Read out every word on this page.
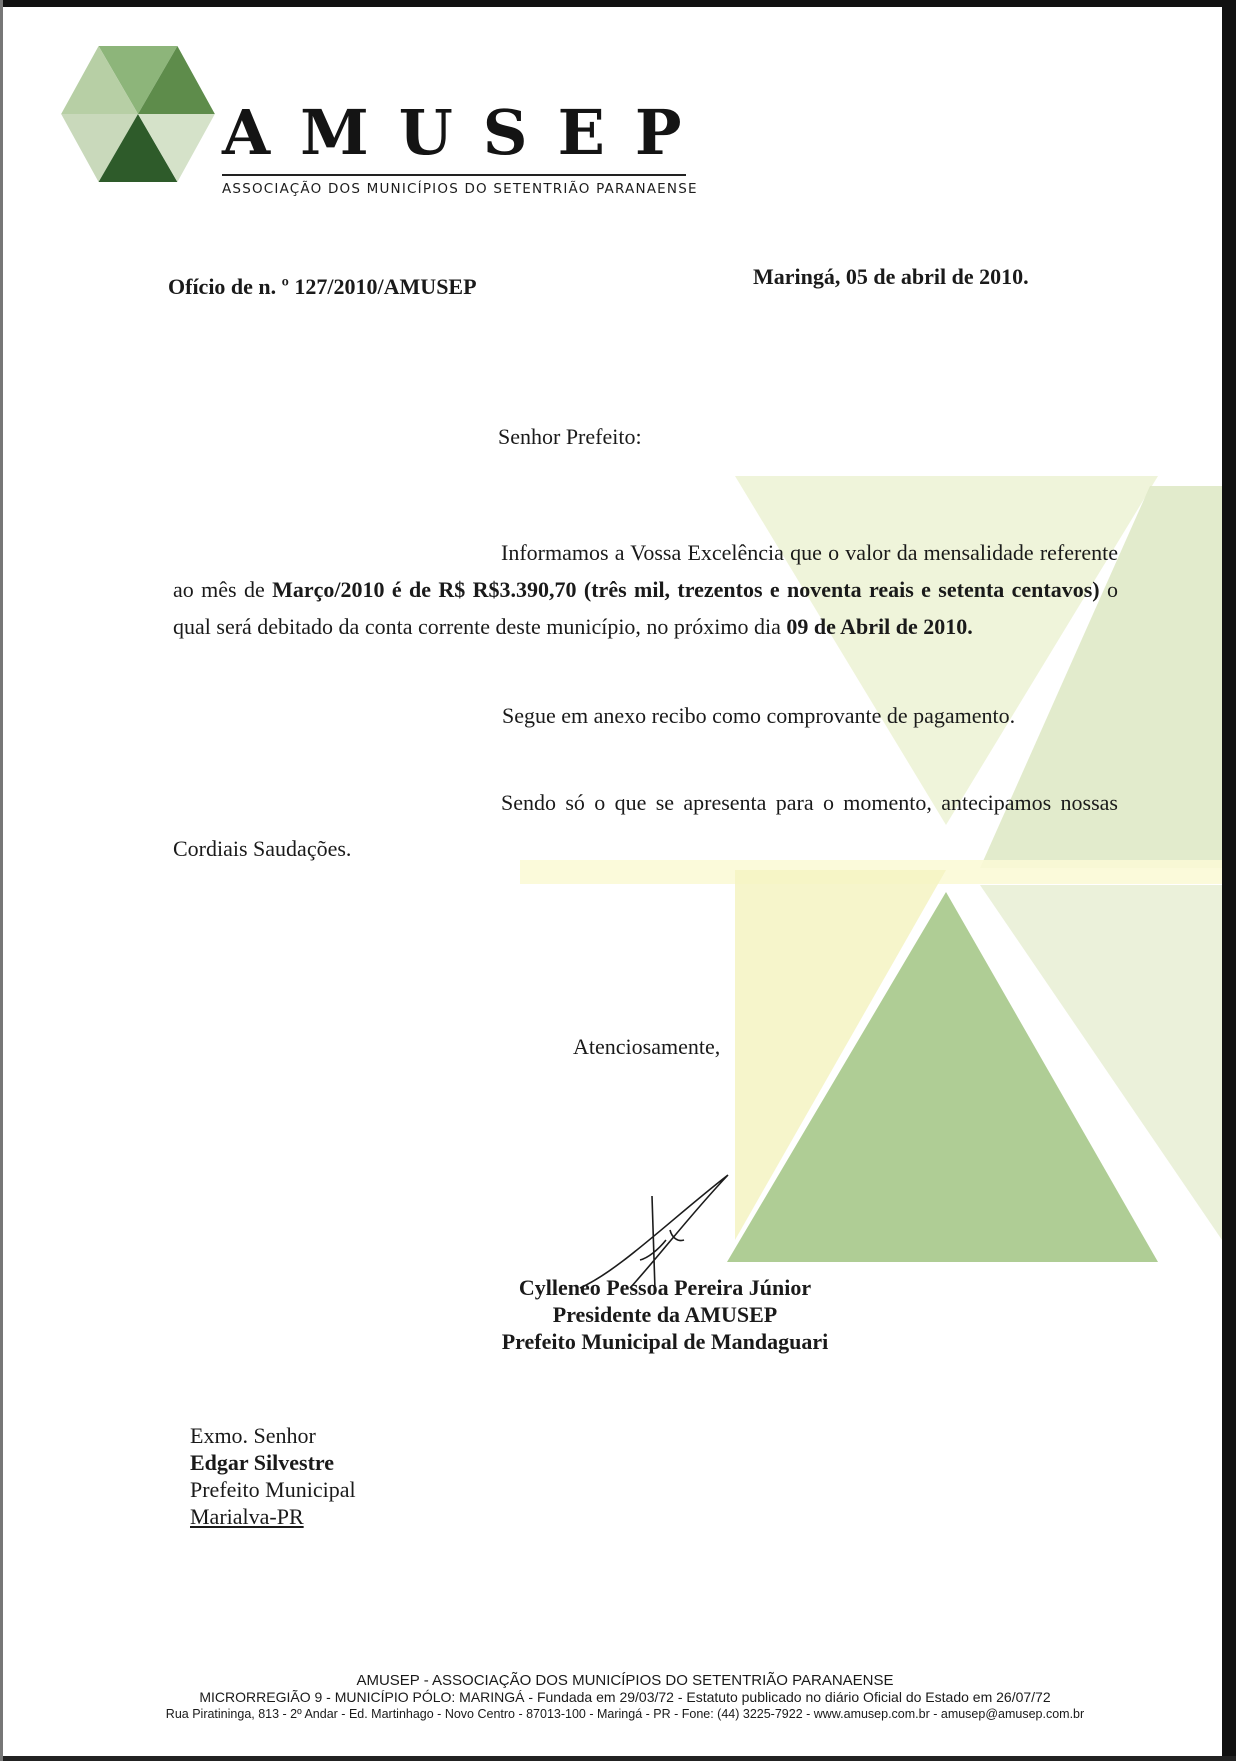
AMUSEP
ASSOCIAÇÃO DOS MUNICÍPIOS DO SETENTRIÃO PARANAENSE
Ofício de n. º 127/2010/AMUSEP	Maringá, 05 de abril de 2010.
Senhor Prefeito:
Informamos a Vossa Excelência que o valor da mensalidade referente ao mês de Março/2010 é de R$ R$3.390,70 (três mil, trezentos e noventa reais e setenta centavos) o qual será debitado da conta corrente deste município, no próximo dia 09 de Abril de 2010.
Segue em anexo recibo como comprovante de pagamento.
Sendo só o que se apresenta para o momento, antecipamos nossas Cordiais Saudações.
Atenciosamente,
Cylleneo Pessoa Pereira Júnior
Presidente da AMUSEP
Prefeito Municipal de Mandaguari
Exmo. Senhor
Edgar Silvestre
Prefeito Municipal
Marialva-PR
AMUSEP - ASSOCIAÇÃO DOS MUNICÍPIOS DO SETENTRIÃO PARANAENSE
MICRORREGIÃO 9 - MUNICÍPIO PÓLO: MARINGÁ - Fundada em 29/03/72 - Estatuto publicado no diário Oficial do Estado em 26/07/72
Rua Piratininga, 813 - 2º Andar - Ed. Martinhago - Novo Centro - 87013-100 - Maringá - PR - Fone: (44) 3225-7922 - www.amusep.com.br - amusep@amusep.com.br
